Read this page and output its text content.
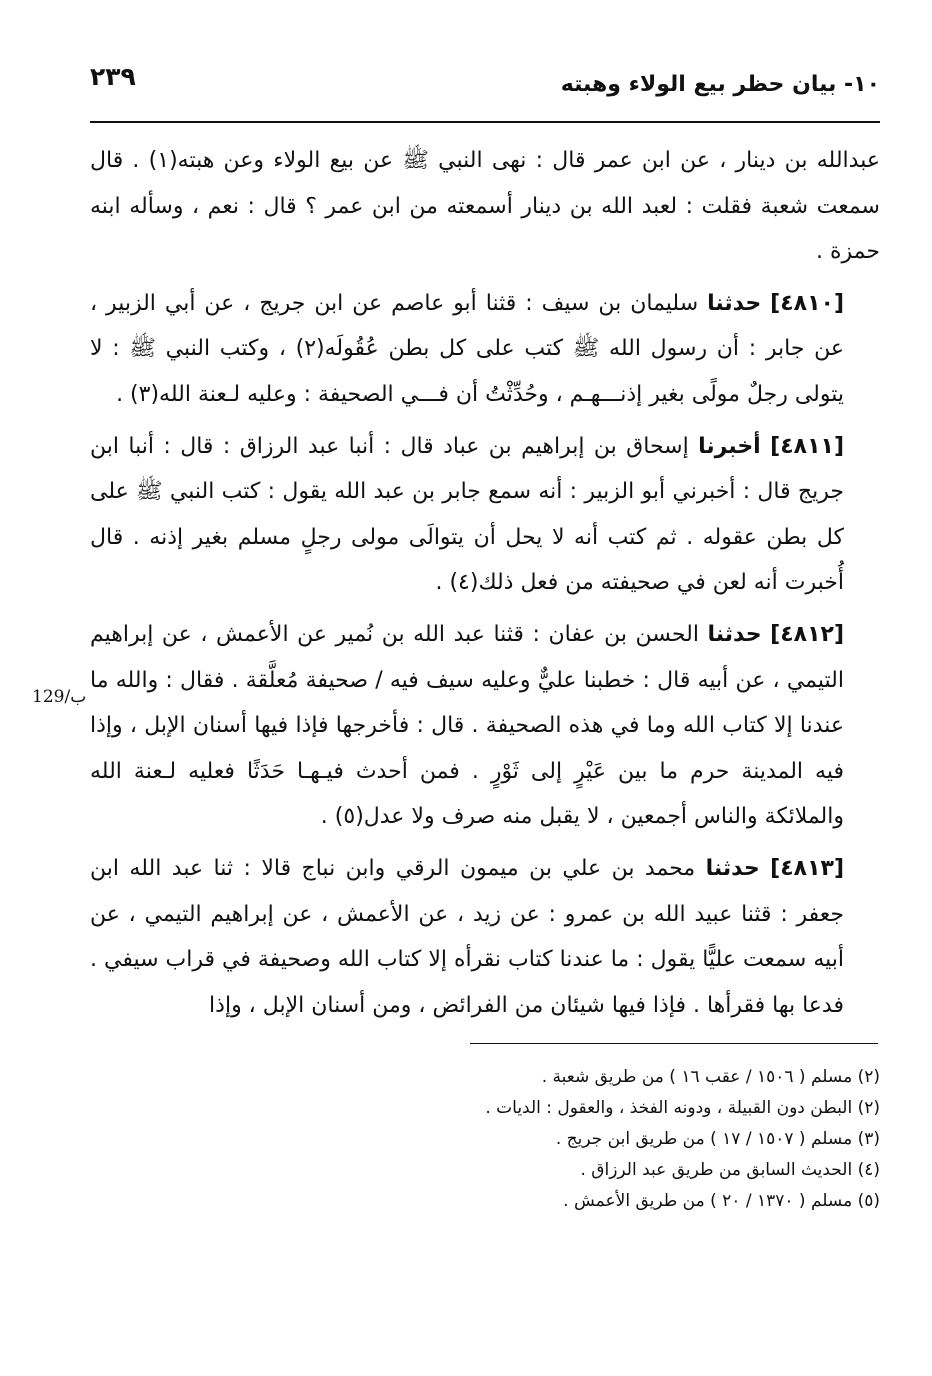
٢٣٩	١٠- بيان حظر بيع الولاء وهبته
129/ب

عبدالله بن دينار ، عن ابن عمر قال : نهى النبي ﷺ عن بيع الولاء وعن هبته(١) . قال سمعت شعبة فقلت : لعبد الله بن دينار أسمعته من ابن عمر ؟ قال : نعم ، وسأله ابنه حمزة .

[٤٨١٠] حدثنا سليمان بن سيف : قثنا أبو عاصم عن ابن جريج ، عن أبي الزبير ، عن جابر : أن رسول الله ﷺ كتب على كل بطن عُقُولَه(٢) ، وكتب النبي ﷺ : لا يتولى رجلٌ مولًى بغير إذنـــهـم ، وحُدِّثْتُ أن فـــي الصحيفة : وعليه لـعنة الله(٣) .

[٤٨١١] أخبرنا إسحاق بن إبراهيم بن عباد قال : أنبا عبد الرزاق : قال : أنبا ابن جريج قال : أخبرني أبو الزبير : أنه سمع جابر بن عبد الله يقول : كتب النبي ﷺ على كل بطن عقوله . ثم كتب أنه لا يحل أن يتوالَى مولى رجلٍ مسلم بغير إذنه . قال أُخبرت أنه لعن في صحيفته من فعل ذلك(٤) .

[٤٨١٢] حدثنا الحسن بن عفان : قثنا عبد الله بن نُمير عن الأعمش ، عن إبراهيم التيمي ، عن أبيه قال : خطبنا عليٌّ وعليه سيف فيه / صحيفة مُعلَّقة . فقال : والله ما عندنا إلا كتاب الله وما في هذه الصحيفة . قال : فأخرجها فإذا فيها أسنان الإبل ، وإذا فيه المدينة حرم ما بين عَيْرٍ إلى ثَوْرٍ . فمن أحدث فيـهـا حَدَثًا فعليه لـعنة الله والملائكة والناس أجمعين ، لا يقبل منه صرف ولا عدل(٥) .

[٤٨١٣] حدثنا محمد بن علي بن ميمون الرقي وابن نباج قالا : ثنا عبد الله ابن جعفر : قثنا عبيد الله بن عمرو : عن زيد ، عن الأعمش ، عن إبراهيم التيمي ، عن أبيه سمعت عليًّا يقول : ما عندنا كتاب نقرأه إلا كتاب الله وصحيفة في قراب سيفي . فدعا بها فقرأها . فإذا فيها شيئان من الفرائض ، ومن أسنان الإبل ، وإذا

(٢) مسلم ( ١٥٠٦ / عقب ١٦ ) من طريق شعبة .
(٢) البطن دون القبيلة ، ودونه الفخذ ، والعقول : الديات .
(٣) مسلم ( ١٥٠٧ / ١٧ ) من طريق ابن جريج .
(٤) الحديث السابق من طريق عبد الرزاق .
(٥) مسلم ( ١٣٧٠ / ٢٠ ) من طريق الأعمش .
